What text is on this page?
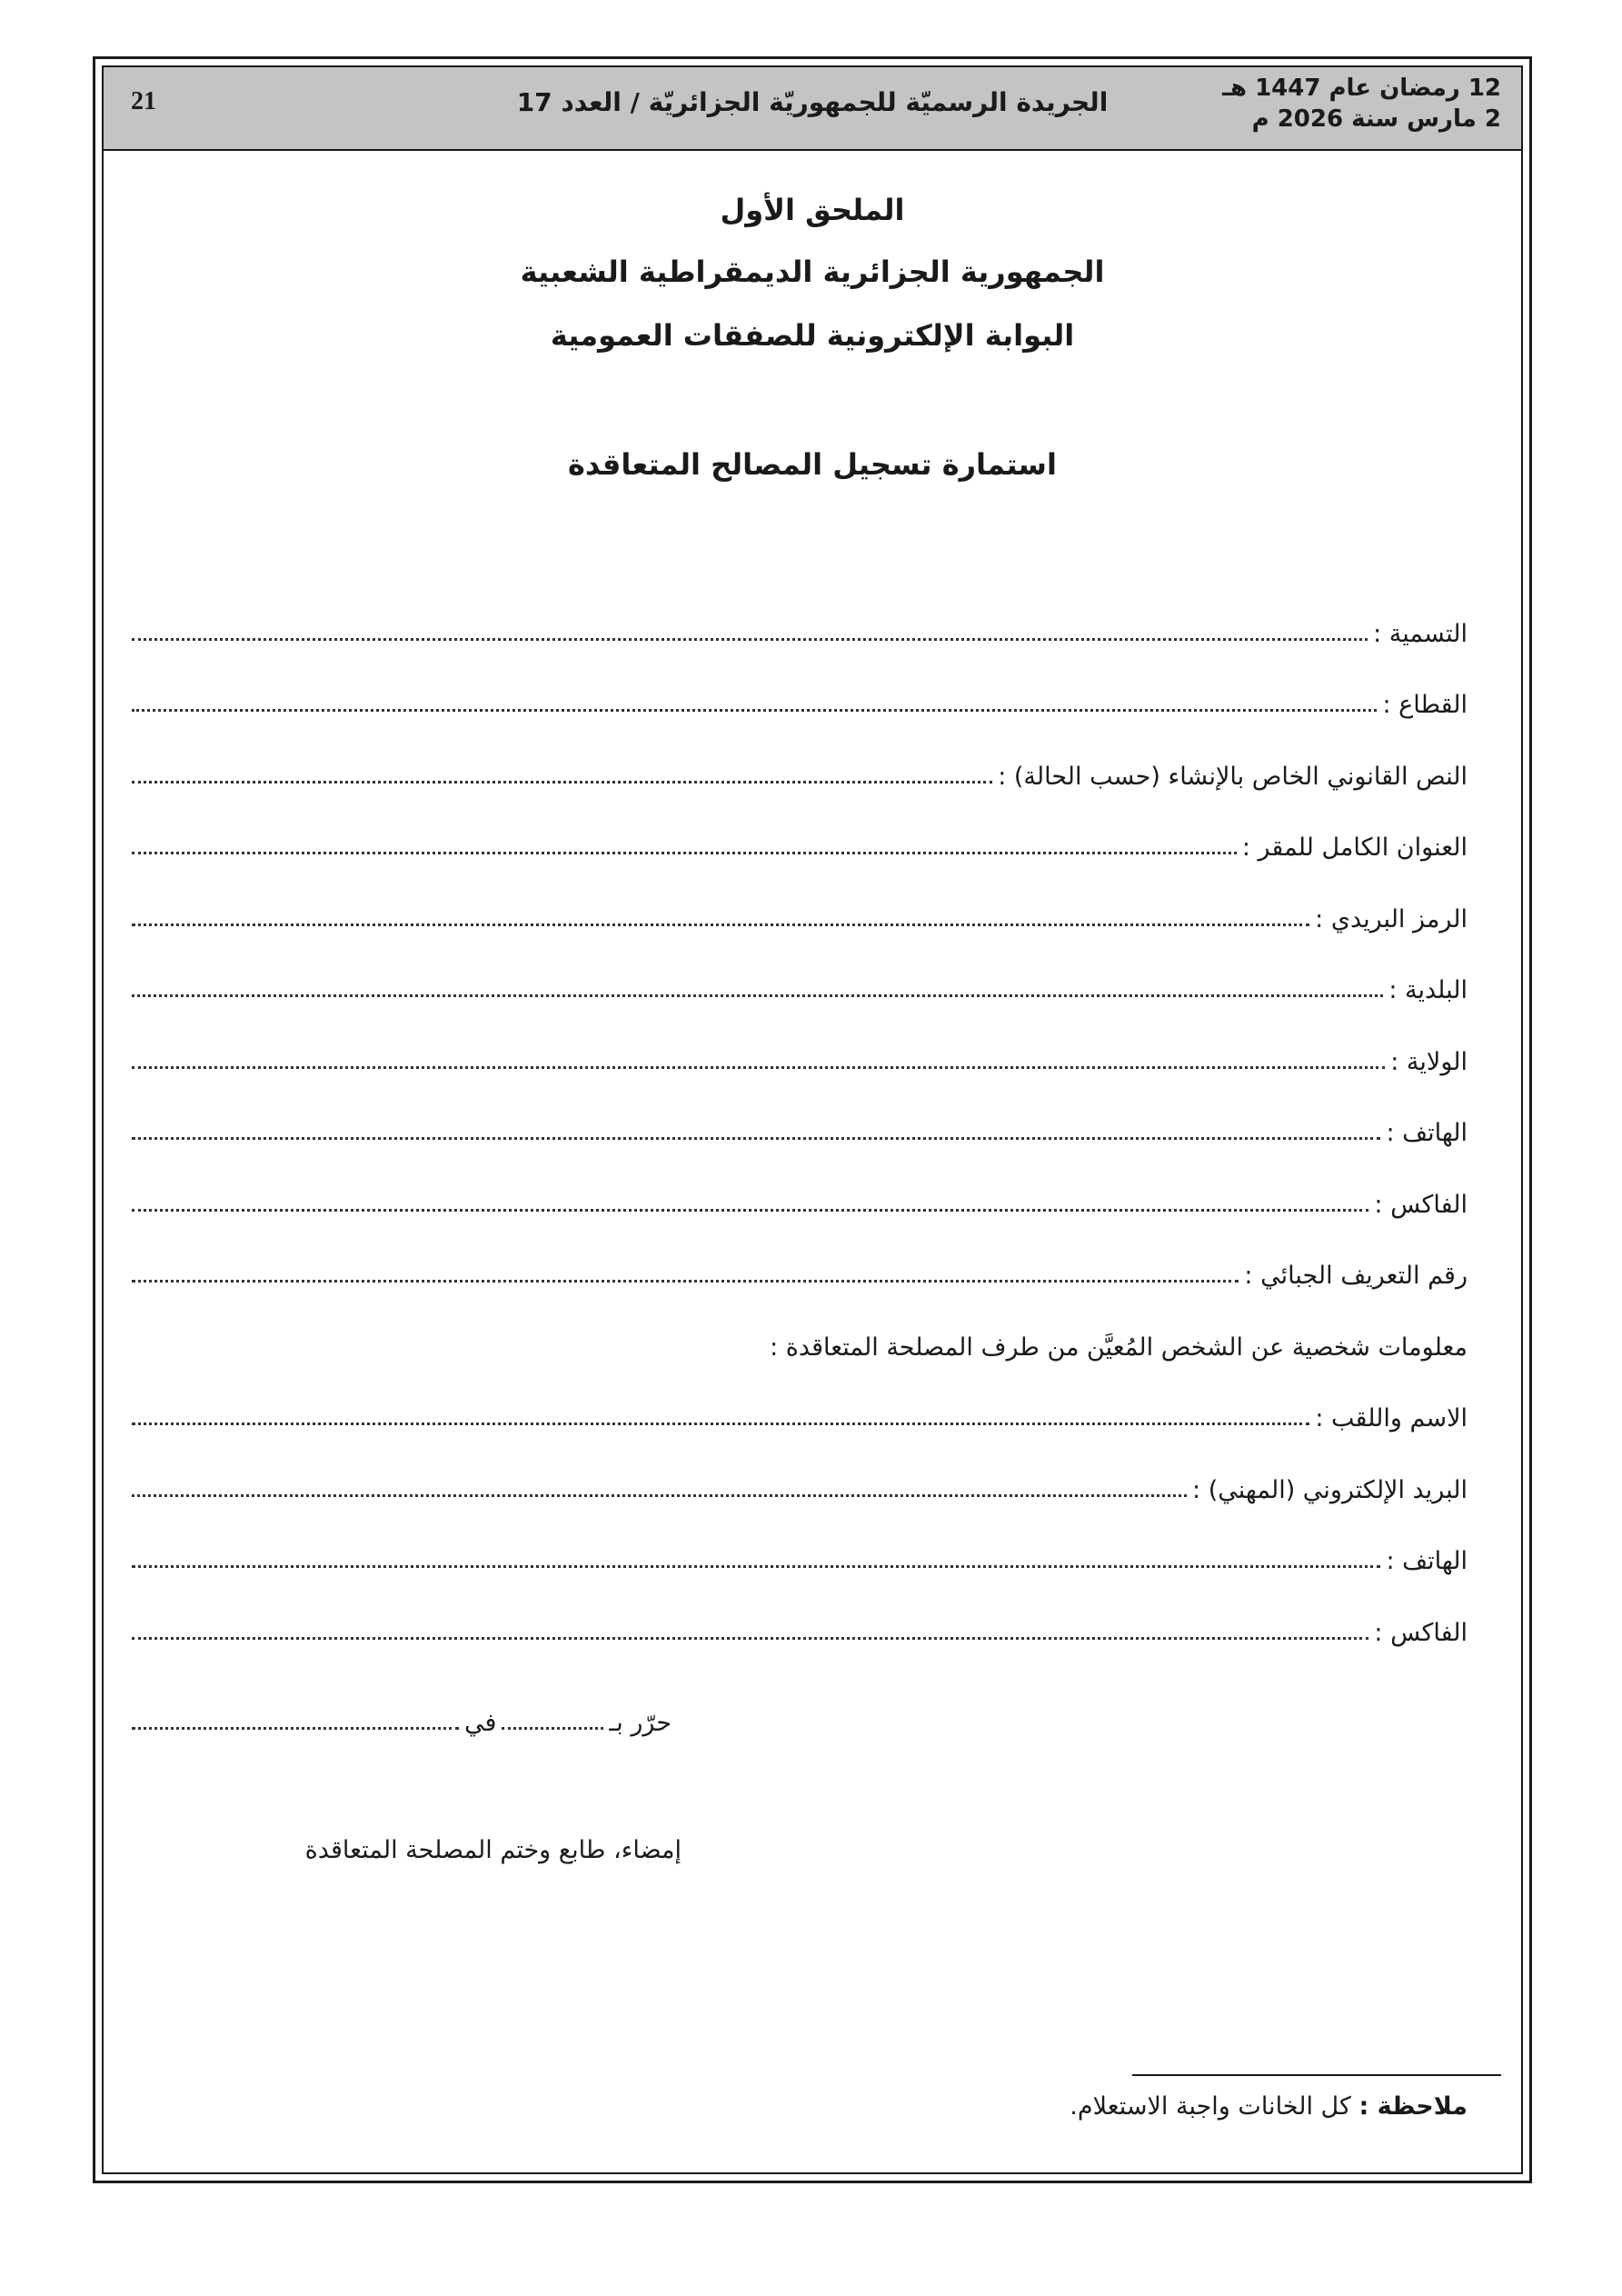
12 رمضان عام 1447 هـ
2 مارس سنة 2026 م
الجريدة الرسميّة للجمهوريّة الجزائريّة / العدد 17
21
الملحق الأول
الجمهورية الجزائرية الديمقراطية الشعبية
البوابة الإلكترونية للصفقات العمومية
استمارة تسجيل المصالح المتعاقدة
التسمية :
القطاع :
النص القانوني الخاص بالإنشاء (حسب الحالة) :
العنوان الكامل للمقر :
الرمز البريدي :
البلدية :
الولاية :
الهاتف :
الفاكس :
رقم التعريف الجبائي :
معلومات شخصية عن الشخص المُعيَّن من طرف المصلحة المتعاقدة :
الاسم واللقب :
البريد الإلكتروني (المهني) :
الهاتف :
الفاكس :
حرّر بـ
في
إمضاء، طابع وختم المصلحة المتعاقدة
ملاحظة : كل الخانات واجبة الاستعلام.
